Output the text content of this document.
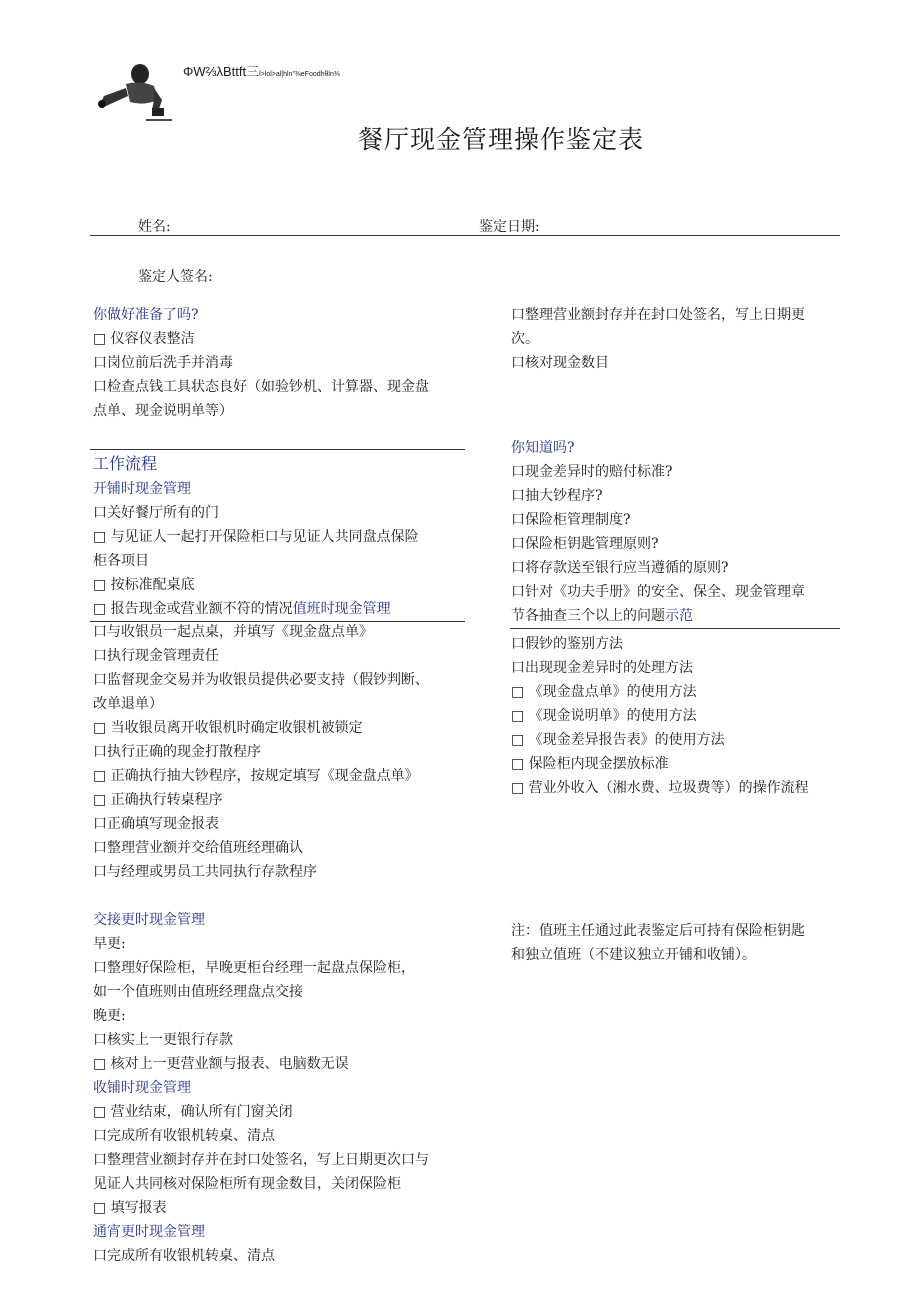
ΦW⅔λBttft三l>lol>al|hln"⅜eFoodhθln⅜
餐厅现金管理操作鉴定表
姓名:	鉴定日期:
鉴定人签名:
你做好准备了吗?
□ 仪容仪表整洁
口岗位前后洗手并消毒
口检查点钱工具状态良好（如验钞机、计算器、现金盘
点单、现金说明单等）
工作流程
开铺时现金管理
口关好餐厅所有的门
□ 与见证人一起打开保险柜口与见证人共同盘点保险
柜各项目
□ 按标准配桌底
□ 报告现金或营业额不符的情况值班时现金管理
口与收银员一起点桌，并填写《现金盘点单》
口执行现金管理责任
口监督现金交易并为收银员提供必要支持（假钞判断、
改单退单）
□ 当收银员离开收银机时确定收银机被锁定
口执行正确的现金打散程序
□ 正确执行抽大钞程序，按规定填写《现金盘点单》
□ 正确执行转桌程序
口正确填写现金报表
口整理营业额并交给值班经理确认
口与经理或男员工共同执行存款程序
交接更时现金管理
早更:
口整理好保险柜，早晚更柜台经理一起盘点保险柜，
如一个值班则由值班经理盘点交接
晚更:
口核实上一更银行存款
□ 核对上一更营业额与报表、电脑数无误
收铺时现金管理
□ 营业结束，确认所有门窗关闭
口完成所有收银机转桌、清点
口整理营业额封存并在封口处签名，写上日期更次口与
见证人共同核对保险柜所有现金数目，关闭保险柜
□ 填写报表
通宵更时现金管理
口完成所有收银机转桌、清点
口整理营业额封存并在封口处签名，写上日期更
次。
口核对现金数目
你知道吗?
口现金差异时的赔付标准?
口抽大钞程序?
口保险柜管理制度?
口保险柜钥匙管理原则?
口将存款送至银行应当遵循的原则?
口针对《功夫手册》的安全、保全、现金管理章
节各抽查三个以上的问题示范
口假钞的鉴别方法
口出现现金差异时的处理方法
□ 《现金盘点单》的使用方法
□ 《现金说明单》的使用方法
□ 《现金差异报告表》的使用方法
□ 保险柜内现金摆放标准
□ 营业外收入（湘水费、垃圾费等）的操作流程
注：值班主任通过此表鉴定后可持有保险柜钥匙
和独立值班（不建议独立开铺和收铺）。
